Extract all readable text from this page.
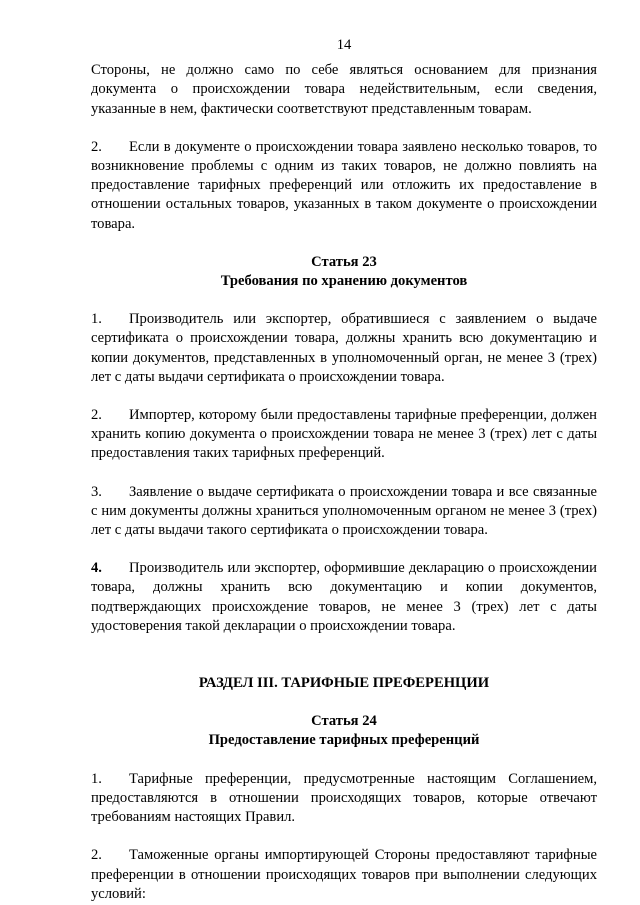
14

Стороны, не должно само по себе являться основанием для признания документа о происхождении товара недействительным, если сведения, указанные в нем, фактически соответствуют представленным товарам.

2. Если в документе о происхождении товара заявлено несколько товаров, то возникновение проблемы с одним из таких товаров, не должно повлиять на предоставление тарифных преференций или отложить их предоставление в отношении остальных товаров, указанных в таком документе о происхождении товара.

Статья 23
Требования по хранению документов

1. Производитель или экспортер, обратившиеся с заявлением о выдаче сертификата о происхождении товара, должны хранить всю документацию и копии документов, представленных в уполномоченный орган, не менее 3 (трех) лет с даты выдачи сертификата о происхождении товара.

2. Импортер, которому были предоставлены тарифные преференции, должен хранить копию документа о происхождении товара не менее 3 (трех) лет с даты предоставления таких тарифных преференций.

3. Заявление о выдаче сертификата о происхождении товара и все связанные с ним документы должны храниться уполномоченным органом не менее 3 (трех) лет с даты выдачи такого сертификата о происхождении товара.

4. Производитель или экспортер, оформившие декларацию о происхождении товара, должны хранить всю документацию и копии документов, подтверждающих происхождение товаров, не менее 3 (трех) лет с даты удостоверения такой декларации о происхождении товара.

РАЗДЕЛ III. ТАРИФНЫЕ ПРЕФЕРЕНЦИИ
Статья 24
Предоставление тарифных преференций

1. Тарифные преференции, предусмотренные настоящим Соглашением, предоставляются в отношении происходящих товаров, которые отвечают требованиям настоящих Правил.

2. Таможенные органы импортирующей Стороны предоставляют тарифные преференции в отношении происходящих товаров при выполнении следующих условий:
